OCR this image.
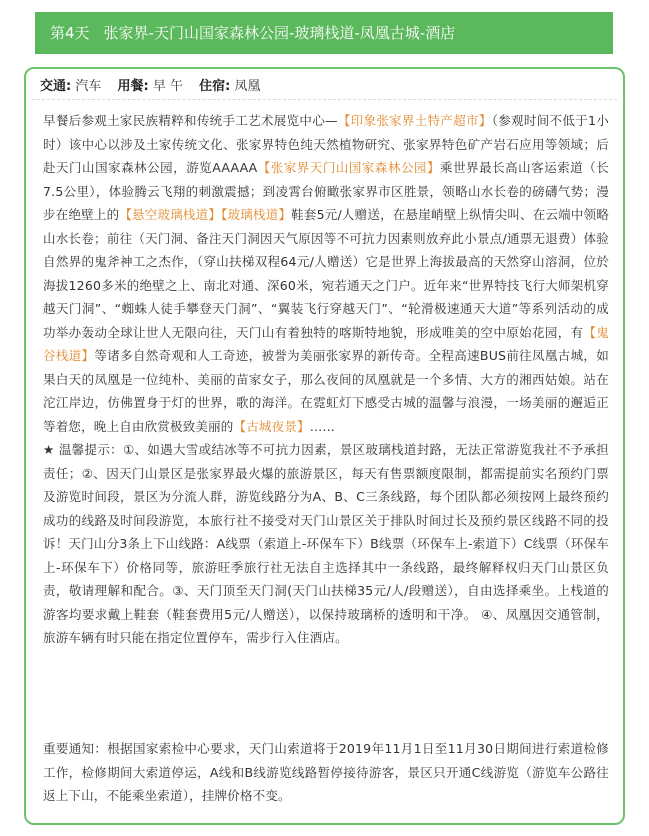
第4天 张家界-天门山国家森林公园-玻璃栈道-凤凰古城-酒店
交通: 汽车 用餐: 早 午 住宿: 凤凰

早餐后参观土家民族精粹和传统手工艺术展览中心—【印象张家界土特产超市】（参观时间不低于1小时）该中心以涉及土家传统文化、张家界特色纯天然植物研究、张家界特色矿产岩石应用等领域；后赴天门山国家森林公园，游览AAAAA【张家界天门山国家森林公园】乘世界最长高山客运索道（长7.5公里），体验腾云飞翔的刺激震撼；到凌霄台俯瞰张家界市区胜景，领略山水长卷的磅礴气势；漫步在绝壁上的【悬空玻璃栈道】【玻璃栈道】鞋套5元/人赠送，在悬崖峭壁上纵情尖叫、在云端中领略山水长卷；前往（天门洞、备注天门洞因天气原因等不可抗力因素则放弃此小景点/通票无退费）体验自然界的鬼斧神工之杰作，（穿山扶梯双程64元/人赠送）它是世界上海拔最高的天然穿山溶洞，位於海拔1260多米的绝壁之上、南北对通、深60米，宛若通天之门户。近年来“世界特技飞行大师架机穿越天门洞”、“蜘蛛人徒手攀登天门洞”、“翼装飞行穿越天门”、“轮滑极速通天大道”等系列活动的成功举办轰动全球让世人无限向往，天门山有着独特的喀斯特地貌，形成唯美的空中原始花园，有【鬼谷栈道】等诸多自然奇观和人工奇迹，被誉为美丽张家界的新传奇。全程高速BUS前往凤凰古城，如果白天的凤凰是一位纯朴、美丽的苗家女子，那么夜间的凤凰就是一个多情、大方的湘西姑娘。站在沱江岸边，仿佛置身于灯的世界，歌的海洋。在霓虹灯下感受古城的温馨与浪漫，一场美丽的邂逅正等着您，晚上自由欣赏极致美丽的【古城夜景】……
★ 温馨提示：①、如遇大雪或结冰等不可抗力因素，景区玻璃栈道封路，无法正常游览我社不予承担责任；②、因天门山景区是张家界最火爆的旅游景区，每天有售票额度限制，都需提前实名预约门票及游览时间段，景区为分流人群，游览线路分为A、B、C三条线路，每个团队都必须按网上最终预约成功的线路及时间段游览，本旅行社不接受对天门山景区关于排队时间过长及预约景区线路不同的投诉！天门山分3条上下山线路：A线票（索道上-环保车下）B线票（环保车上-索道下）C线票（环保车上-环保车下）价格同等，旅游旺季旅行社无法自主选择其中一条线路，最终解释权归天门山景区负责，敬请理解和配合。③、天门顶至天门洞(天门山扶梯35元/人/段赠送），自由选择乘坐。上栈道的游客均要求戴上鞋套（鞋套费用5元/人赠送），以保持玻璃桥的透明和干净。 ④、凤凰因交通管制，旅游车辆有时只能在指定位置停车，需步行入住酒店。

重要通知：根据国家索检中心要求，天门山索道将于2019年11月1日至11月30日期间进行索道检修工作，检修期间大索道停运，A线和B线游览线路暂停接待游客，景区只开通C线游览（游览车公路往返上下山，不能乘坐索道），挂牌价格不变。
